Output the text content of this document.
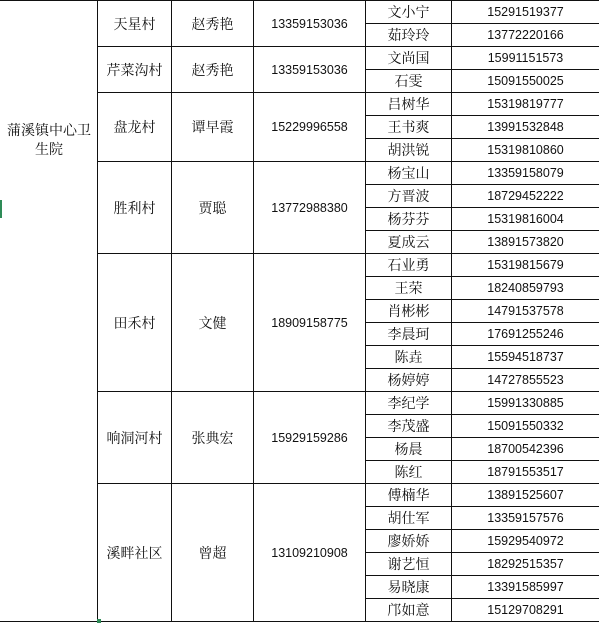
蒲溪镇中心卫生院	天星村	赵秀艳	13359153036	文小宁	15291519377
				茹玲玲	13772220166
	芹菜沟村	赵秀艳	13359153036	文尚国	15991151573
				石雯	15091550025
	盘龙村	谭早霞	15229996558	吕树华	15319819777
				王书爽	13991532848
				胡洪锐	15319810860
	胜利村	贾聪	13772988380	杨宝山	13359158079
				方晋波	18729452222
				杨芬芬	15319816004
				夏成云	13891573820
	田禾村	文健	18909158775	石业勇	15319815679
				王荣	18240859793
				肖彬彬	14791537578
				李晨珂	17691255246
				陈垚	15594518737
				杨婷婷	14727855523
	响洞河村	张典宏	15929159286	李纪学	15991330885
				李茂盛	15091550332
				杨晨	18700542396
				陈红	18791553517
	溪畔社区	曾超	13109210908	傅楠华	13891525607
				胡仕军	13359157576
				廖娇娇	15929540972
				谢艺恒	18292515357
				易晓康	13391585997
				邝如意	15129708291
